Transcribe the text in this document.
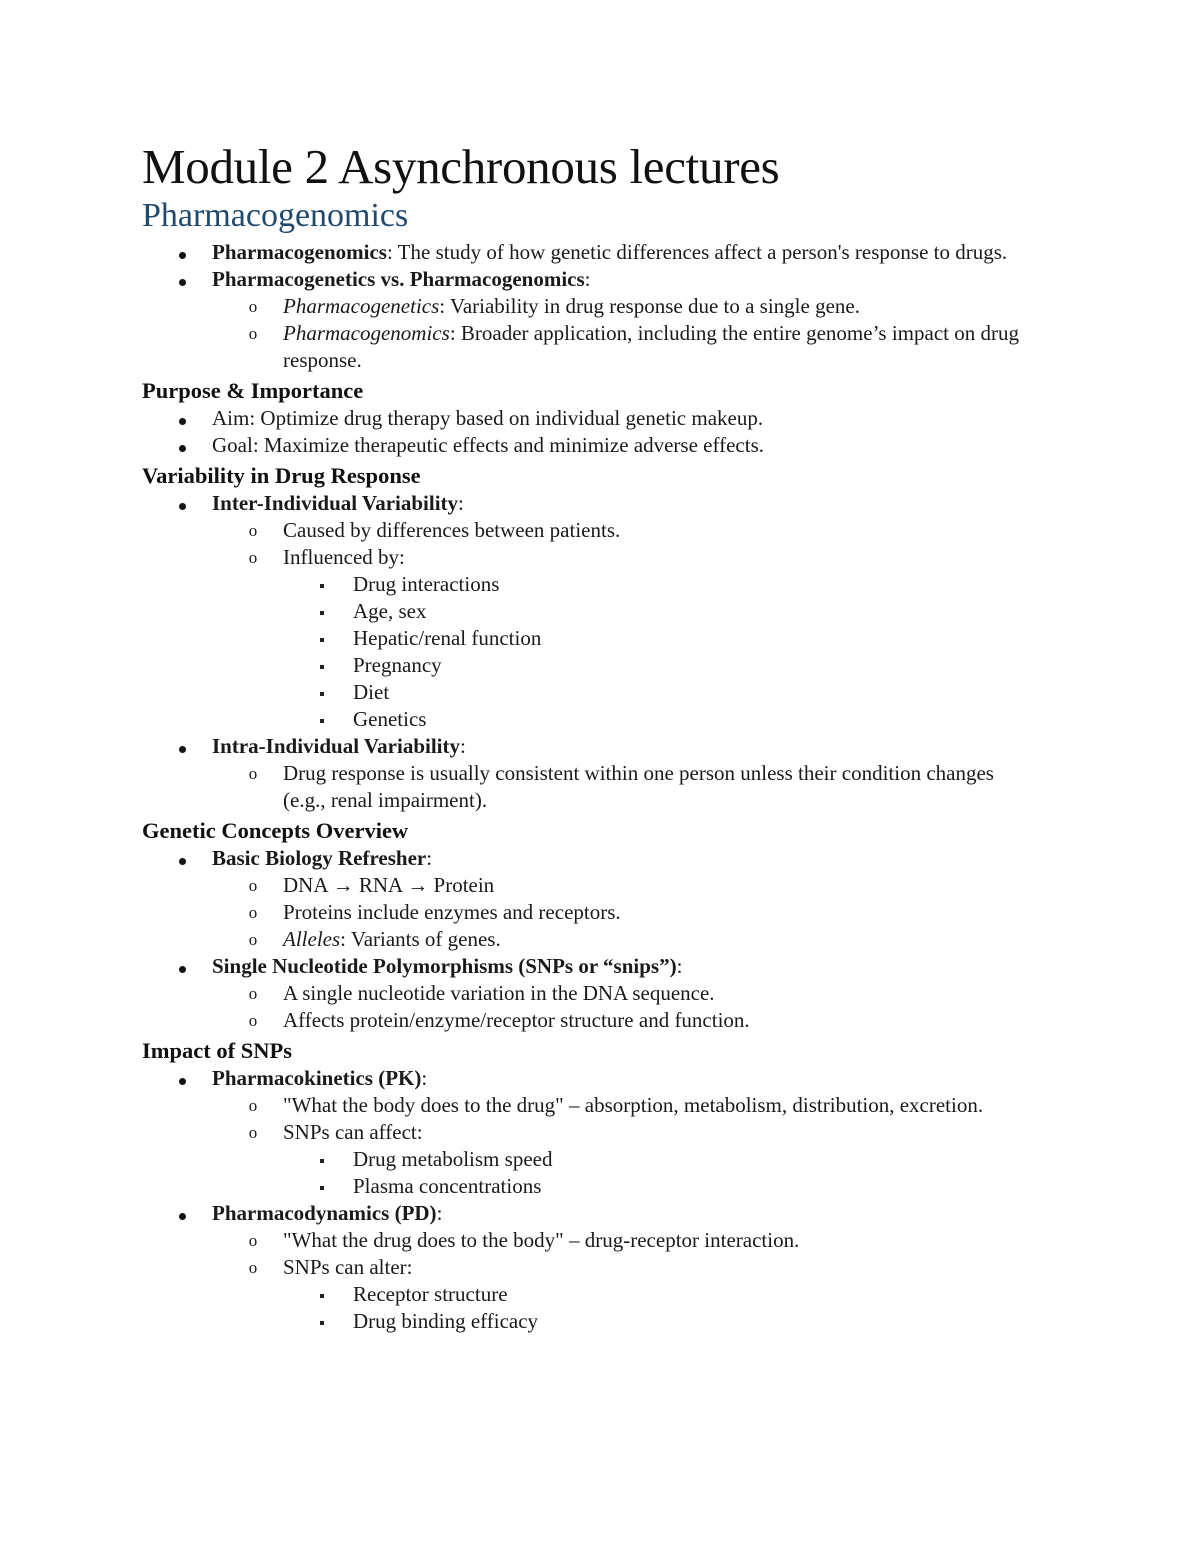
Module 2 Asynchronous lectures
Pharmacogenomics
Pharmacogenomics: The study of how genetic differences affect a person's response to drugs.
Pharmacogenetics vs. Pharmacogenomics:
o Pharmacogenetics: Variability in drug response due to a single gene.
o Pharmacogenomics: Broader application, including the entire genome’s impact on drug response.
Purpose & Importance
Aim: Optimize drug therapy based on individual genetic makeup.
Goal: Maximize therapeutic effects and minimize adverse effects.
Variability in Drug Response
Inter-Individual Variability:
o Caused by differences between patients.
o Influenced by:
Drug interactions
Age, sex
Hepatic/renal function
Pregnancy
Diet
Genetics
Intra-Individual Variability:
o Drug response is usually consistent within one person unless their condition changes (e.g., renal impairment).
Genetic Concepts Overview
Basic Biology Refresher:
o DNA → RNA → Protein
o Proteins include enzymes and receptors.
o Alleles: Variants of genes.
Single Nucleotide Polymorphisms (SNPs or “snips”):
o A single nucleotide variation in the DNA sequence.
o Affects protein/enzyme/receptor structure and function.
Impact of SNPs
Pharmacokinetics (PK):
o "What the body does to the drug" – absorption, metabolism, distribution, excretion.
o SNPs can affect:
Drug metabolism speed
Plasma concentrations
Pharmacodynamics (PD):
o "What the drug does to the body" – drug-receptor interaction.
o SNPs can alter:
Receptor structure
Drug binding efficacy
